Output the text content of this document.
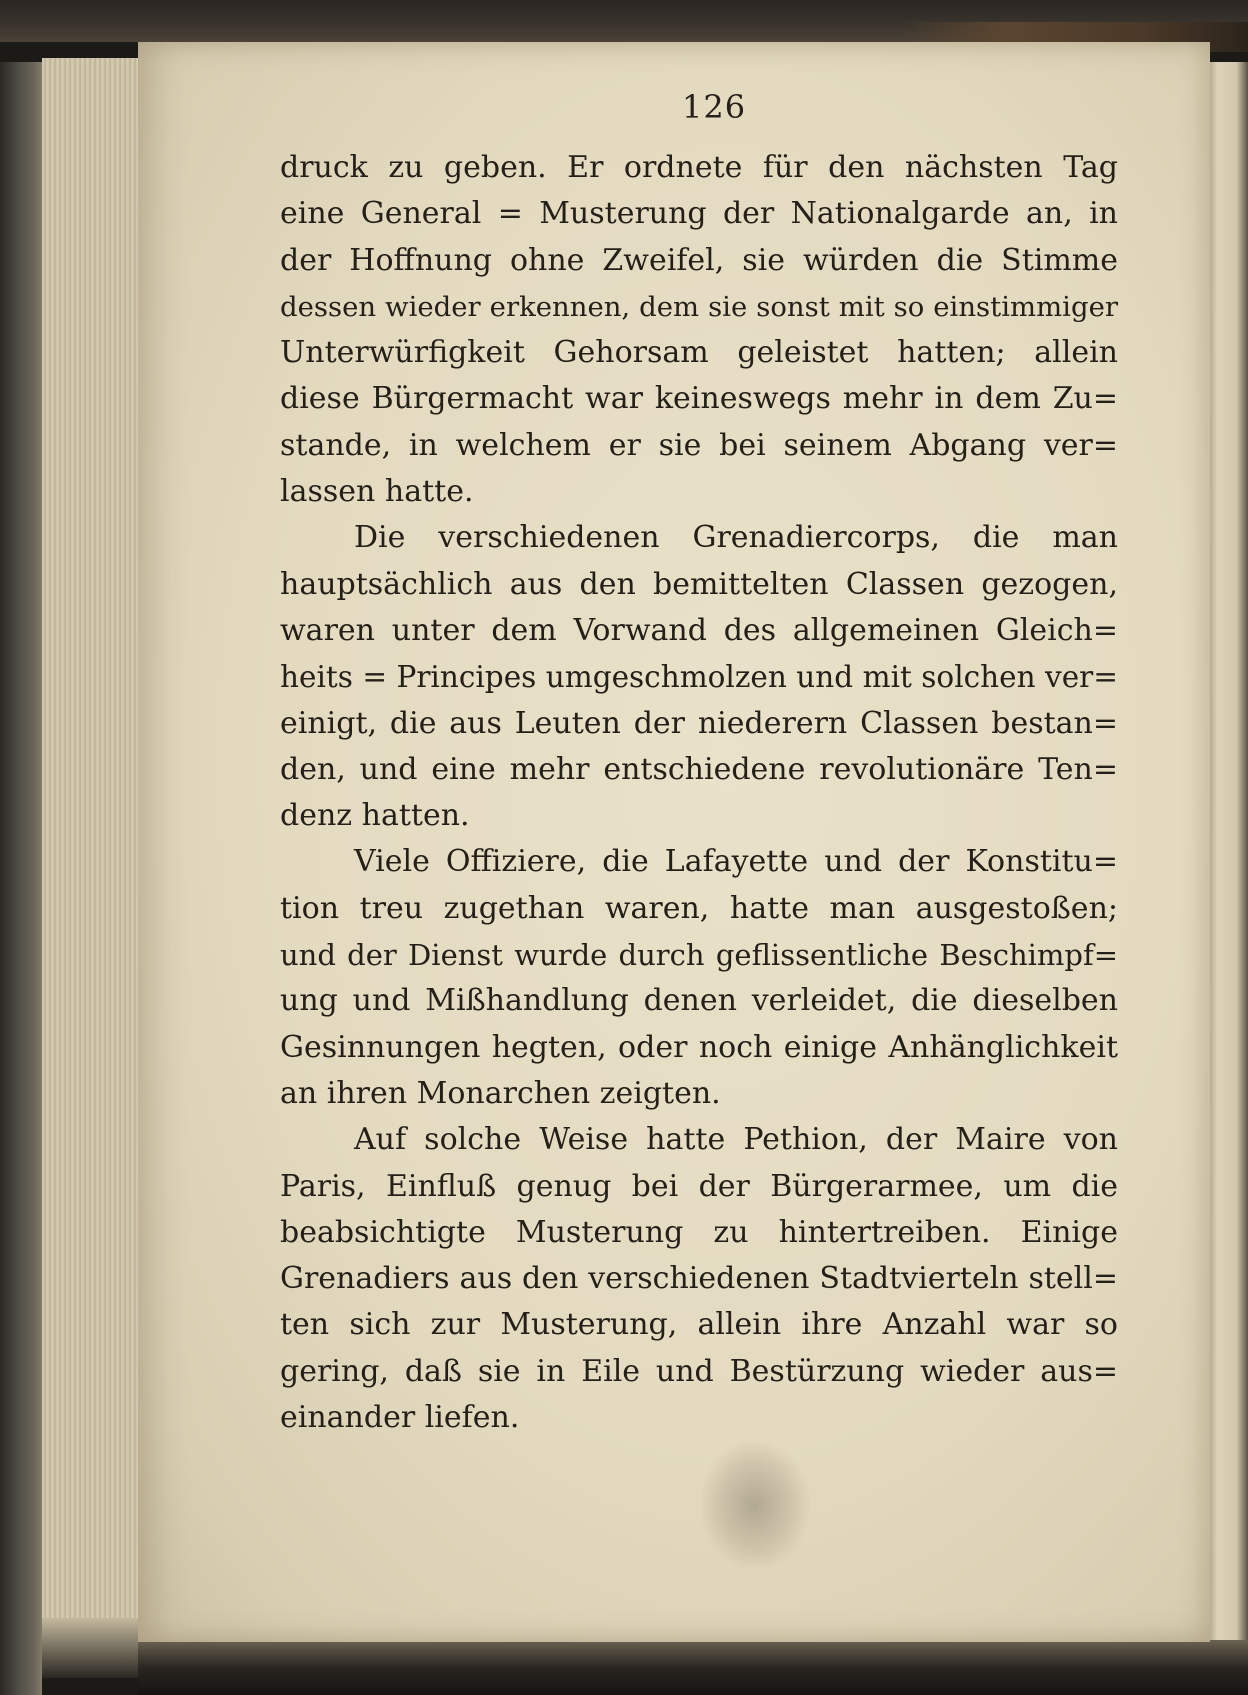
126
druck zu geben. Er ordnete für den nächsten Tag
eine General = Musterung der Nationalgarde an, in
der Hoffnung ohne Zweifel, sie würden die Stimme
dessen wieder erkennen, dem sie sonst mit so einstimmiger
Unterwürfigkeit Gehorsam geleistet hatten; allein
diese Bürgermacht war keineswegs mehr in dem Zu=
stande, in welchem er sie bei seinem Abgang ver=
lassen hatte.
Die verschiedenen Grenadiercorps, die man
hauptsächlich aus den bemittelten Classen gezogen,
waren unter dem Vorwand des allgemeinen Gleich=
heits = Principes umgeschmolzen und mit solchen ver=
einigt, die aus Leuten der niederern Classen bestan=
den, und eine mehr entschiedene revolutionäre Ten=
denz hatten.
Viele Offiziere, die Lafayette und der Konstitu=
tion treu zugethan waren, hatte man ausgestoßen;
und der Dienst wurde durch geflissentliche Beschimpf=
ung und Mißhandlung denen verleidet, die dieselben
Gesinnungen hegten, oder noch einige Anhänglichkeit
an ihren Monarchen zeigten.
Auf solche Weise hatte Pethion, der Maire von
Paris, Einfluß genug bei der Bürgerarmee, um die
beabsichtigte Musterung zu hintertreiben. Einige
Grenadiers aus den verschiedenen Stadtvierteln stell=
ten sich zur Musterung, allein ihre Anzahl war so
gering, daß sie in Eile und Bestürzung wieder aus=
einander liefen.
